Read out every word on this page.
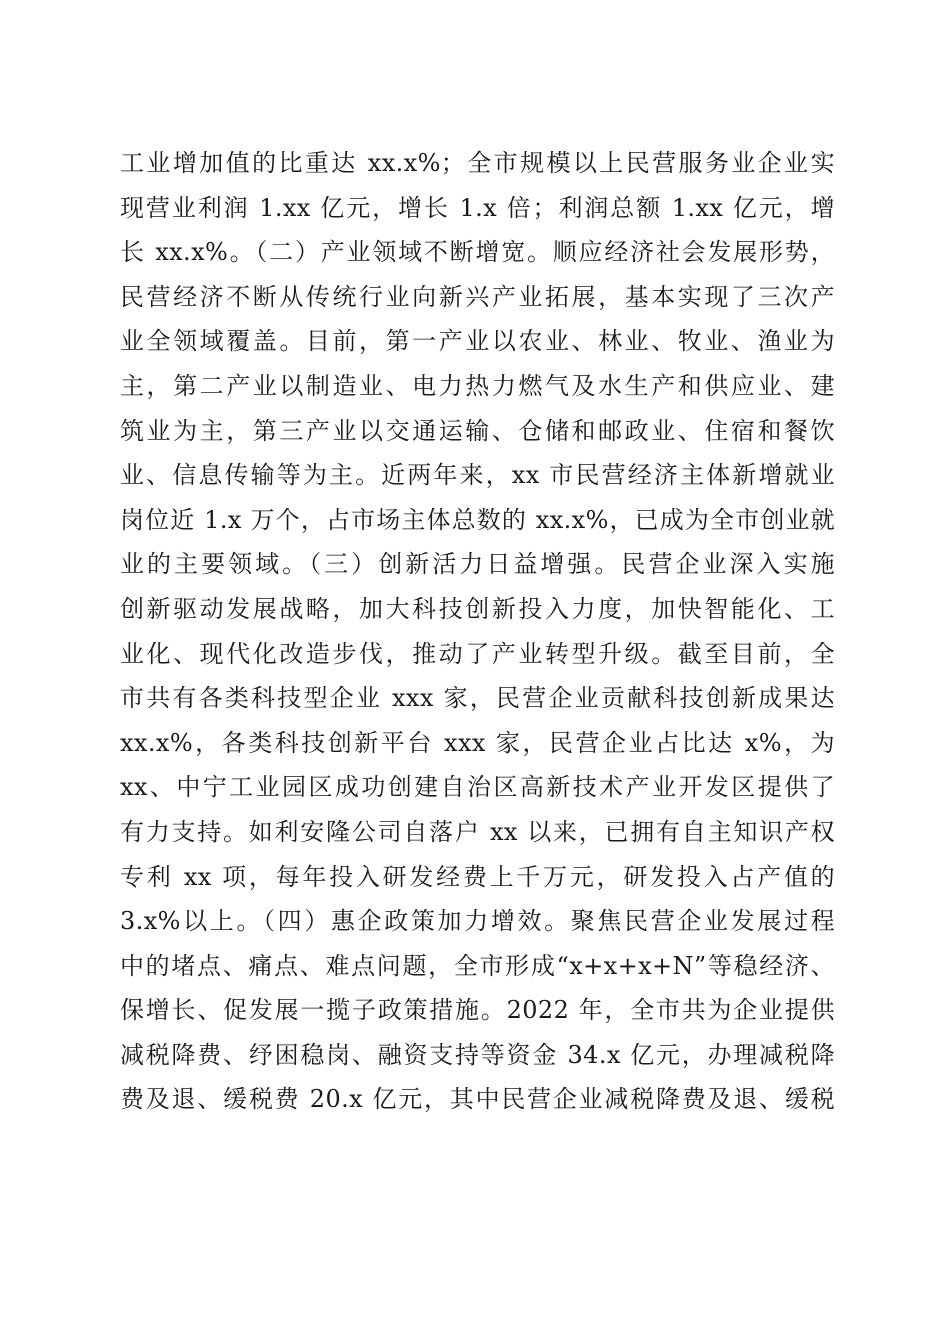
工业增加值的比重达 xx.x%；全市规模以上民营服务业企业实
现营业利润 1.xx 亿元，增长 1.x 倍；利润总额 1.xx 亿元，增
长 xx.x%。（二）产业领域不断增宽。顺应经济社会发展形势，
民营经济不断从传统行业向新兴产业拓展，基本实现了三次产
业全领域覆盖。目前，第一产业以农业、林业、牧业、渔业为
主，第二产业以制造业、电力热力燃气及水生产和供应业、建
筑业为主，第三产业以交通运输、仓储和邮政业、住宿和餐饮
业、信息传输等为主。近两年来，xx 市民营经济主体新增就业
岗位近 1.x 万个，占市场主体总数的 xx.x%，已成为全市创业就
业的主要领域。（三）创新活力日益增强。民营企业深入实施
创新驱动发展战略，加大科技创新投入力度，加快智能化、工
业化、现代化改造步伐，推动了产业转型升级。截至目前，全
市共有各类科技型企业 xxx 家，民营企业贡献科技创新成果达
xx.x%，各类科技创新平台 xxx 家，民营企业占比达 x%，为
xx、中宁工业园区成功创建自治区高新技术产业开发区提供了
有力支持。如利安隆公司自落户 xx 以来，已拥有自主知识产权
专利 xx 项，每年投入研发经费上千万元，研发投入占产值的
3.x%以上。（四）惠企政策加力增效。聚焦民营企业发展过程
中的堵点、痛点、难点问题，全市形成“x+x+x+N”等稳经济、
保增长、促发展一揽子政策措施。2022 年，全市共为企业提供
减税降费、纾困稳岗、融资支持等资金 34.x 亿元，办理减税降
费及退、缓税费 20.x 亿元，其中民营企业减税降费及退、缓税
